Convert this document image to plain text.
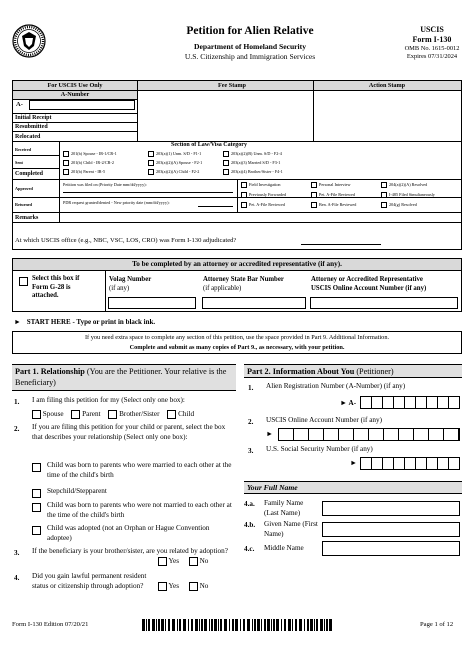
Petition for Alien Relative
Department of Homeland Security
U.S. Citizenship and Immigration Services
USCIS
Form I-130
OMB No. 1615-0012
Expires 07/31/2024
For USCIS Use Only	Fee Stamp	Action Stamp
A-Number
A-
Initial Receipt
Resubmitted
Relocated
Received
Sent
Completed
Approved
Returned
Remarks
Section of Law/Visa Category
201(b) Spouse - IR-1/CR-1
201(b) Child - IR-2/CR-2
201(b) Parent - IR-5
203(a)(1) Unm. S/D - F1-1
203(a)(2)(A) Spouse - F2-1
203(a)(2)(A) Child - F2-2
203(a)(2)(B) Unm. S/D - F2-4
203(a)(3) Married S/D - F3-1
203(a)(4) Brother/Sister - F4-1
Petition was filed on (Priority Date mm/dd/yyyy):
PDR request granted/denied - New priority date (mm/dd/yyyy):
Field Investigation
Previously Forwarded
Pet. A-File Reviewed
Personal Interview
Pet. A-File Reviewed
Ben. A-File Reviewed
204(a)(2)(A) Resolved
I-485 Filed Simultaneously
204(g) Resolved
At which USCIS office (e.g., NBC, VSC, LOS, CRO) was Form I-130 adjudicated?
To be completed by an attorney or accredited representative (if any).
Select this box if
Form G-28 is
attached.
Volag Number
(if any)
Attorney State Bar Number
(if applicable)
Attorney or Accredited Representative
USCIS Online Account Number (if any)
► START HERE - Type or print in black ink.
If you need extra space to complete any section of this petition, use the space provided in Part 9. Additional Information.
Complete and submit as many copies of Part 9., as necessary, with your petition.
Part 1. Relationship (You are the Petitioner. Your relative is the Beneficiary)
1. I am filing this petition for my (Select only one box):
Spouse	Parent	Brother/Sister	Child
2. If you are filing this petition for your child or parent, select the box that describes your relationship (Select only one box):
Child was born to parents who were married to each other at the time of the child's birth
Stepchild/Stepparent
Child was born to parents who were not married to each other at the time of the child's birth
Child was adopted (not an Orphan or Hague Convention adoptee)
3. If the beneficiary is your brother/sister, are you related by adoption?
Yes	No
4. Did you gain lawful permanent resident status or citizenship through adoption?	Yes	No
Part 2. Information About You (Petitioner)
1. Alien Registration Number (A-Number) (if any)
► A-
2. USCIS Online Account Number (if any)
►
3. U.S. Social Security Number (if any)
►
Your Full Name
4.a. Family Name (Last Name)
4.b. Given Name (First Name)
4.c. Middle Name
Form I-130 Edition 07/20/21	Page 1 of 12
